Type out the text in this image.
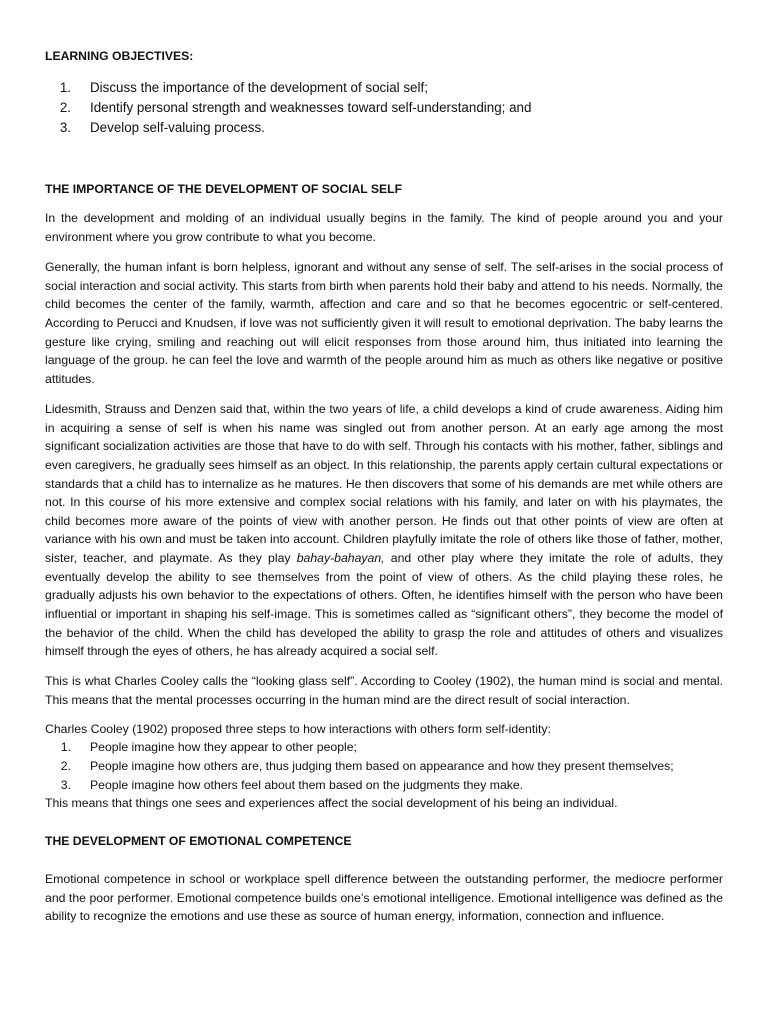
LEARNING OBJECTIVES:
1. Discuss the importance of the development of social self;
2. Identify personal strength and weaknesses toward self-understanding; and
3. Develop self-valuing process.
THE IMPORTANCE OF THE DEVELOPMENT OF SOCIAL SELF

In the development and molding of an individual usually begins in the family. The kind of people around you and your environment where you grow contribute to what you become.

Generally, the human infant is born helpless, ignorant and without any sense of self. The self-arises in the social process of social interaction and social activity. This starts from birth when parents hold their baby and attend to his needs. Normally, the child becomes the center of the family, warmth, affection and care and so that he becomes egocentric or self-centered. According to Perucci and Knudsen, if love was not sufficiently given it will result to emotional deprivation. The baby learns the gesture like crying, smiling and reaching out will elicit responses from those around him, thus initiated into learning the language of the group. he can feel the love and warmth of the people around him as much as others like negative or positive attitudes.

Lidesmith, Strauss and Denzen said that, within the two years of life, a child develops a kind of crude awareness. Aiding him in acquiring a sense of self is when his name was singled out from another person. At an early age among the most significant socialization activities are those that have to do with self. Through his contacts with his mother, father, siblings and even caregivers, he gradually sees himself as an object. In this relationship, the parents apply certain cultural expectations or standards that a child has to internalize as he matures. He then discovers that some of his demands are met while others are not. In this course of his more extensive and complex social relations with his family, and later on with his playmates, the child becomes more aware of the points of view with another person. He finds out that other points of view are often at variance with his own and must be taken into account. Children playfully imitate the role of others like those of father, mother, sister, teacher, and playmate. As they play bahay-bahayan, and other play where they imitate the role of adults, they eventually develop the ability to see themselves from the point of view of others. As the child playing these roles, he gradually adjusts his own behavior to the expectations of others. Often, he identifies himself with the person who have been influential or important in shaping his self-image. This is sometimes called as “significant others”, they become the model of the behavior of the child. When the child has developed the ability to grasp the role and attitudes of others and visualizes himself through the eyes of others, he has already acquired a social self.

This is what Charles Cooley calls the “looking glass self”. According to Cooley (1902), the human mind is social and mental. This means that the mental processes occurring in the human mind are the direct result of social interaction.

Charles Cooley (1902) proposed three steps to how interactions with others form self-identity:

1. People imagine how they appear to other people;
2. People imagine how others are, thus judging them based on appearance and how they present themselves;
3. People imagine how others feel about them based on the judgments they make.

This means that things one sees and experiences affect the social development of his being an individual.

THE DEVELOPMENT OF EMOTIONAL COMPETENCE

Emotional competence in school or workplace spell difference between the outstanding performer, the mediocre performer and the poor performer. Emotional competence builds one’s emotional intelligence. Emotional intelligence was defined as the ability to recognize the emotions and use these as source of human energy, information, connection and influence.
